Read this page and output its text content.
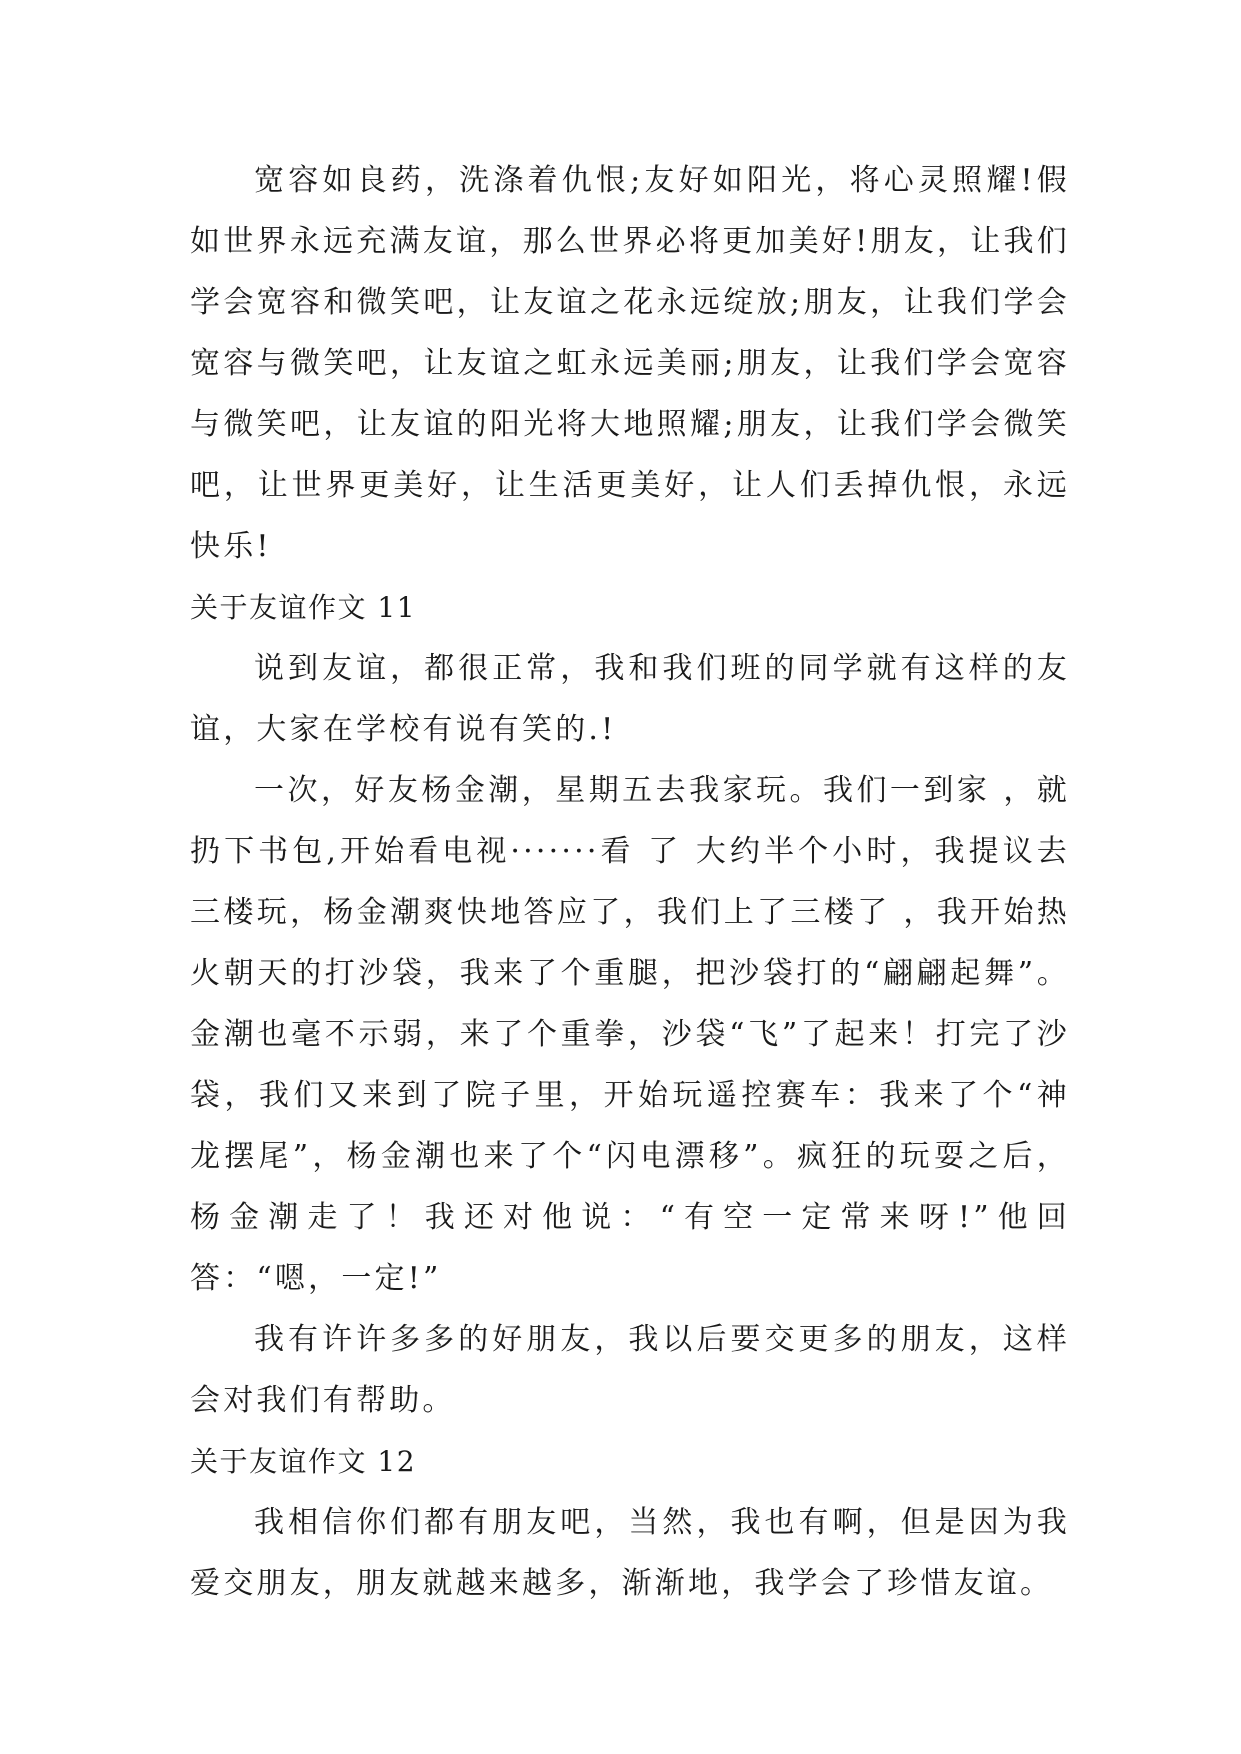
宽容如良药，洗涤着仇恨;友好如阳光，将心灵照耀!假如世界永远充满友谊，那么世界必将更加美好!朋友，让我们学会宽容和微笑吧，让友谊之花永远绽放;朋友，让我们学会宽容与微笑吧，让友谊之虹永远美丽;朋友，让我们学会宽容与微笑吧，让友谊的阳光将大地照耀;朋友，让我们学会微笑吧，让世界更美好，让生活更美好，让人们丢掉仇恨，永远快乐!

关于友谊作文 11

说到友谊，都很正常，我和我们班的同学就有这样的友谊，大家在学校有说有笑的.!

一次，好友杨金潮，星期五去我家玩。我们一到家 ，就扔下书包,开始看电视·······看 了 大约半个小时，我提议去三楼玩，杨金潮爽快地答应了，我们上了三楼了 ，我开始热火朝天的打沙袋，我来了个重腿，把沙袋打的“翩翩起舞”。金潮也毫不示弱，来了个重拳，沙袋“飞”了起来！打完了沙袋，我们又来到了院子里，开始玩遥控赛车：我来了个“神龙摆尾”，杨金潮也来了个“闪电漂移”。疯狂的玩耍之后，杨金潮走了！我还对他说：“有空一定常来呀!”他回答：“嗯，一定!”

我有许许多多的好朋友，我以后要交更多的朋友，这样会对我们有帮助。

关于友谊作文 12

我相信你们都有朋友吧，当然，我也有啊，但是因为我爱交朋友，朋友就越来越多，渐渐地，我学会了珍惜友谊。
